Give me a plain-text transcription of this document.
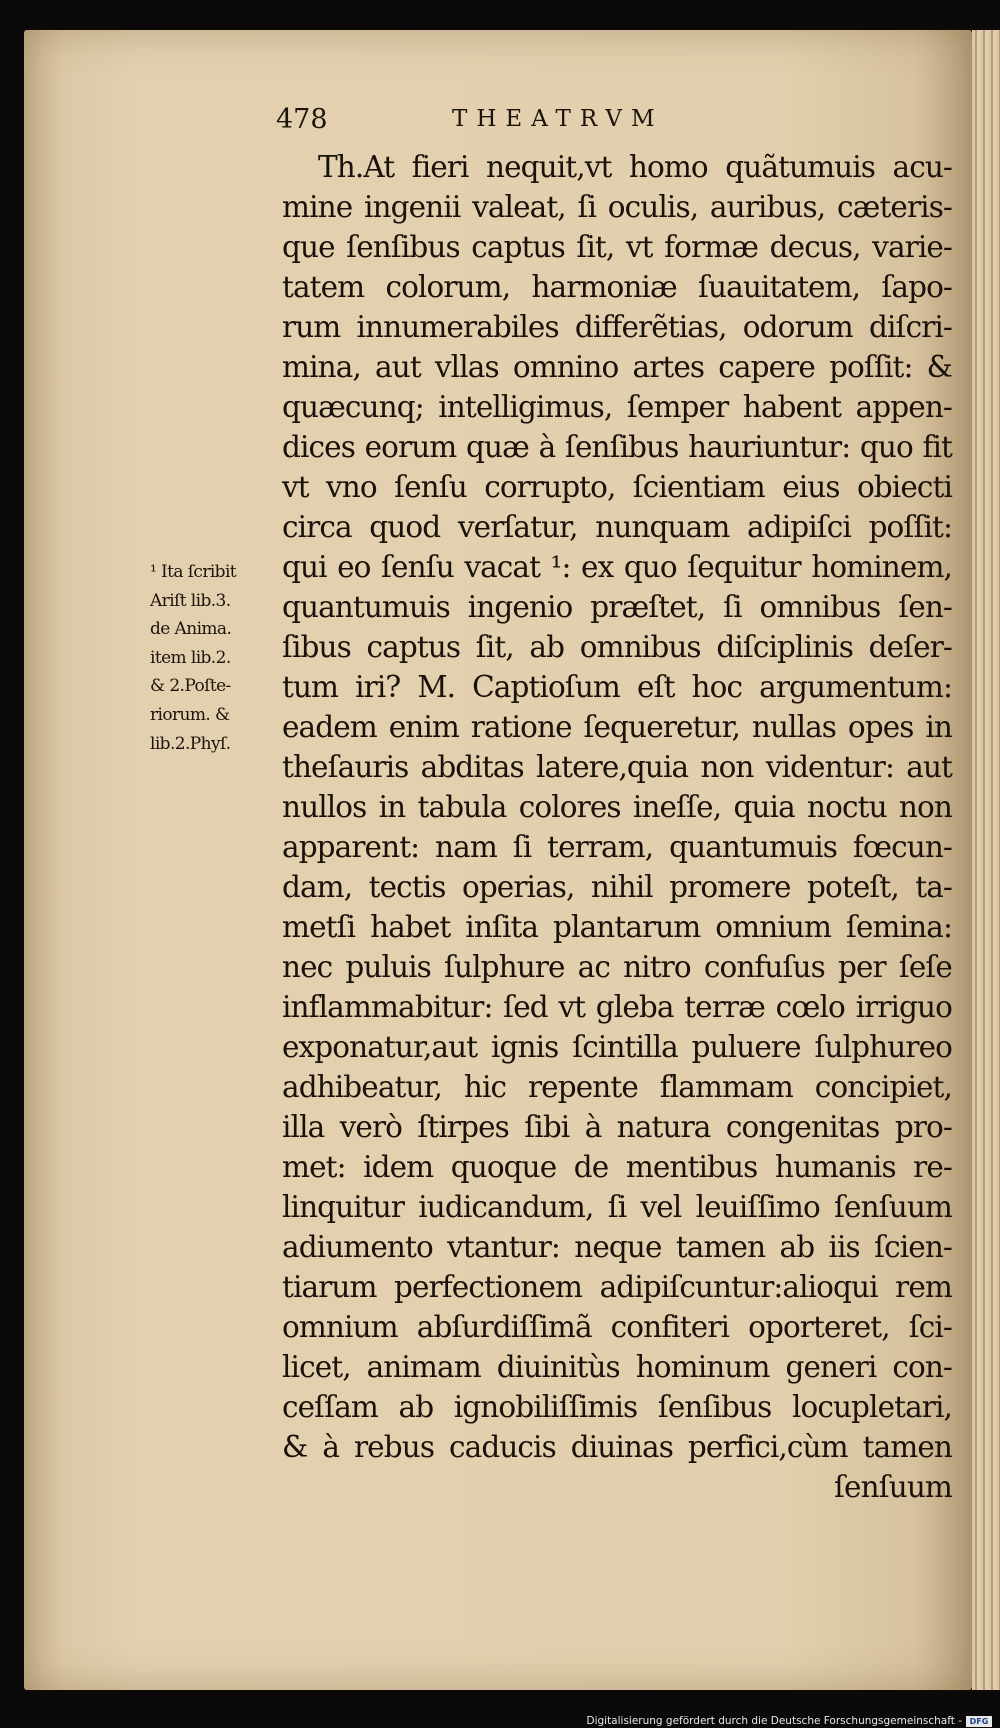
478	THEATRVM
Th.At fieri nequit,vt homo quãtumuis acu-
mine ingenii valeat, ſi oculis, auribus, cæteris-
que ſenſibus captus ſit, vt formæ decus, varie-
tatem colorum, harmoniæ ſuauitatem, ſapo-
rum innumerabiles differẽtias, odorum diſcri-
mina, aut vllas omnino artes capere poſſit: &
quæcunq; intelligimus, ſemper habent appen-
dices eorum quæ à ſenſibus hauriuntur: quo fit
vt vno ſenſu corrupto, ſcientiam eius obiecti
circa quod verſatur, nunquam adipiſci poſſit:
qui eo ſenſu vacat ¹: ex quo ſequitur hominem,
quantumuis ingenio præſtet, ſi omnibus ſen-
ſibus captus ſit, ab omnibus diſciplinis deſer-
tum iri? M. Captioſum eſt hoc argumentum:
eadem enim ratione ſequeretur, nullas opes in
theſauris abditas latere,quia non videntur: aut
nullos in tabula colores ineſſe, quia noctu non
apparent: nam ſi terram, quantumuis fœcun-
dam, tectis operias, nihil promere poteſt, ta-
metſi habet inſita plantarum omnium ſemina:
nec puluis ſulphure ac nitro confuſus per ſeſe
inflammabitur: ſed vt gleba terræ cœlo irriguo
exponatur,aut ignis ſcintilla puluere ſulphureo
adhibeatur, hic repente flammam concipiet,
illa verò ſtirpes ſibi à natura congenitas pro-
met: idem quoque de mentibus humanis re-
linquitur iudicandum, ſi vel leuiſſimo ſenſuum
adiumento vtantur: neque tamen ab iis ſcien-
tiarum perfectionem adipiſcuntur:alioqui rem
omnium abſurdiſſimã confiteri oporteret, ſci-
licet, animam diuinitùs hominum generi con-
ceſſam ab ignobiliſſimis ſenſibus locupletari,
& à rebus caducis diuinas perfici,cùm tamen
ſenſuum
¹ Ita ſcribit
Ariſt lib.3.
de Anima.
item lib.2.
& 2.Poſte-
riorum. &
lib.2.Phyſ.
Digitalisierung gefördert durch die Deutsche Forschungsgemeinschaft - DFG
